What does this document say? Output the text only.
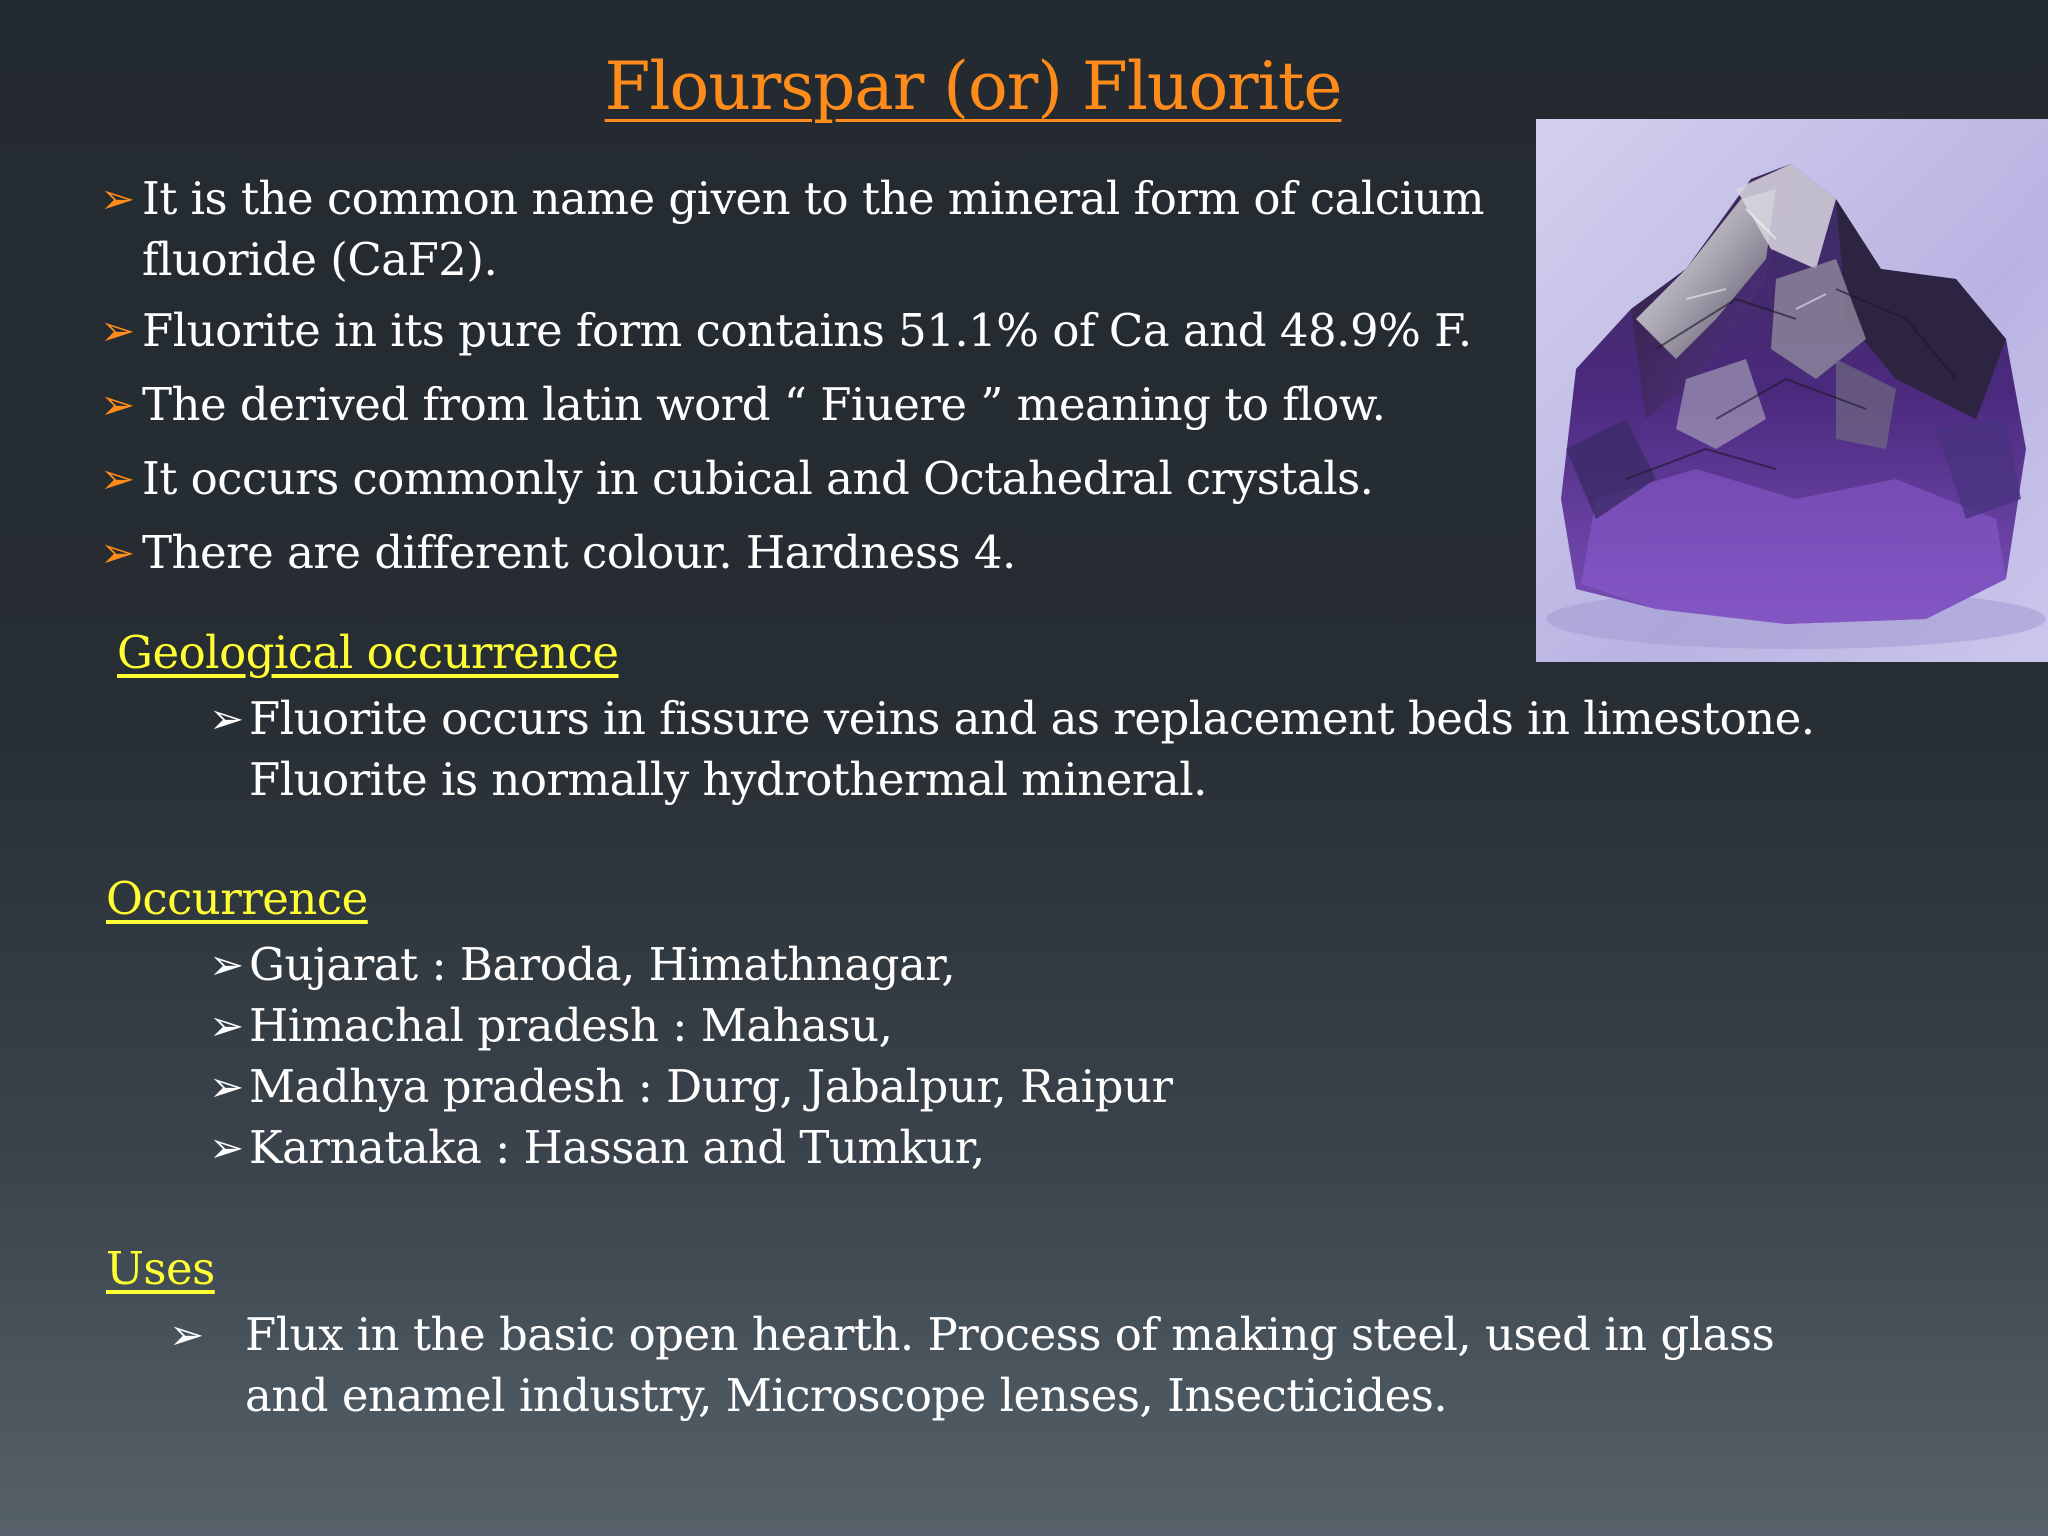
Flourspar (or) Fluorite
➢ It is the common name given to the mineral form of calcium fluoride (CaF2).
➢ Fluorite in its pure form contains 51.1% of Ca and 48.9% F.
➢ The derived from latin word “ Fiuere ” meaning to flow.
➢ It occurs commonly in cubical and Octahedral crystals.
➢ There are different colour. Hardness 4.
Geological occurrence
➢ Fluorite occurs in fissure veins and as replacement beds in limestone. Fluorite is normally hydrothermal mineral.
Occurrence
➢ Gujarat : Baroda, Himathnagar,
➢ Himachal pradesh : Mahasu,
➢ Madhya pradesh : Durg, Jabalpur, Raipur
➢ Karnataka : Hassan and Tumkur,
Uses
➢ Flux in the basic open hearth. Process of making steel, used in glass and enamel industry, Microscope lenses, Insecticides.
